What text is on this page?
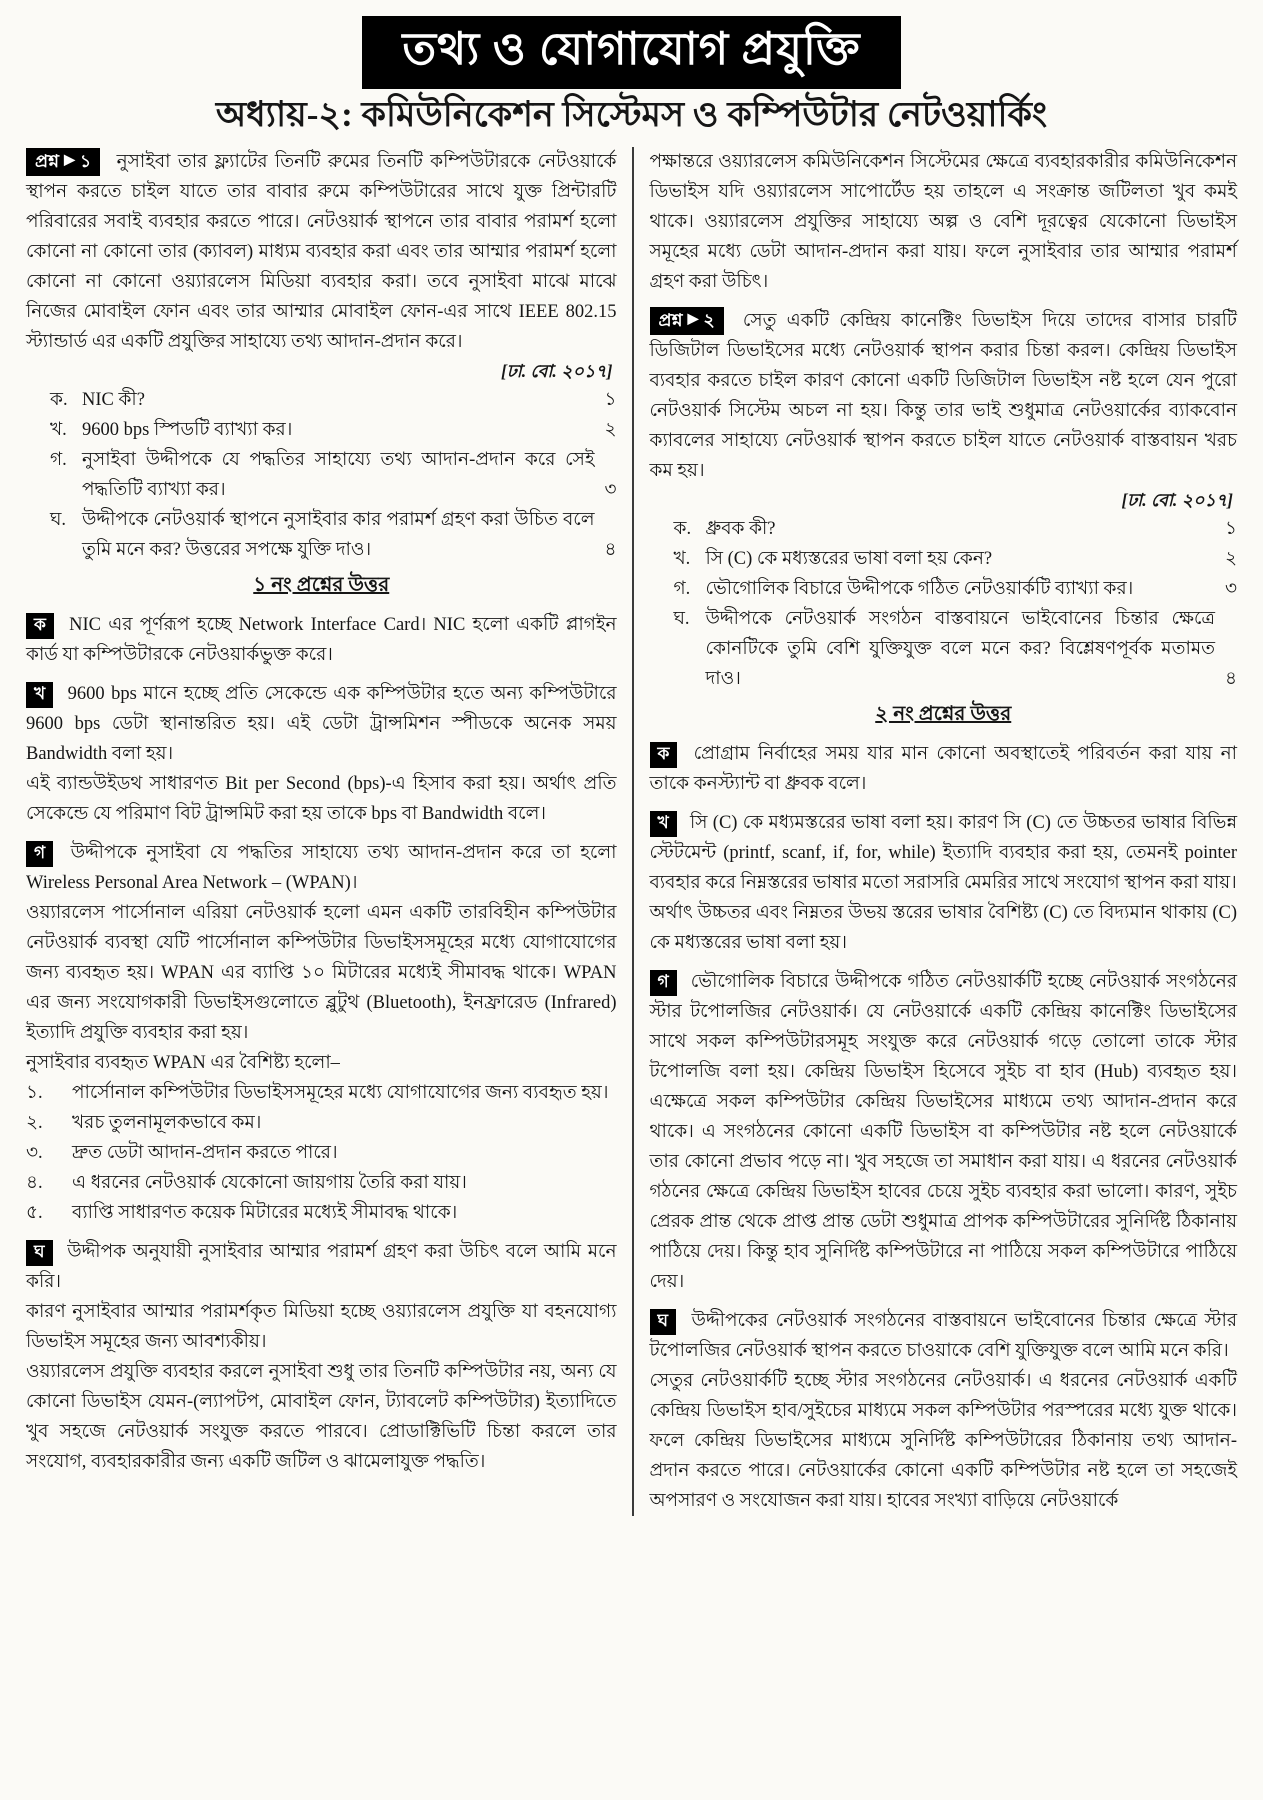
তথ্য ও যোগাযোগ প্রযুক্তি
অধ্যায়-২: কমিউনিকেশন সিস্টেমস ও কম্পিউটার নেটওয়ার্কিং

প্রশ্ন ▶ ১ নুসাইবা তার ফ্ল্যাটের তিনটি রুমের তিনটি কম্পিউটারকে নেটওয়ার্কে স্থাপন করতে চাইল যাতে তার বাবার রুমে কম্পিউটারের সাথে যুক্ত প্রিন্টারটি পরিবারের সবাই ব্যবহার করতে পারে। নেটওয়ার্ক স্থাপনে তার বাবার পরামর্শ হলো কোনো না কোনো তার (ক্যাবল) মাধ্যম ব্যবহার করা এবং তার আম্মার পরামর্শ হলো কোনো না কোনো ওয়্যারলেস মিডিয়া ব্যবহার করা। তবে নুসাইবা মাঝে মাঝে নিজের মোবাইল ফোন এবং তার আম্মার মোবাইল ফোন-এর সাথে IEEE 802.15 স্ট্যান্ডার্ড এর একটি প্রযুক্তির সাহায্যে তথ্য আদান-প্রদান করে।

[ঢা. বো. ২০১৭]
ক. NIC কী?	১
খ. 9600 bps স্পিডটি ব্যাখ্যা কর।	২
গ. নুসাইবা উদ্দীপকে যে পদ্ধতির সাহায্যে তথ্য আদান-প্রদান করে সেই পদ্ধতিটি ব্যাখ্যা কর।	৩
ঘ. উদ্দীপকে নেটওয়ার্ক স্থাপনে নুসাইবার কার পরামর্শ গ্রহণ করা উচিত বলে তুমি মনে কর? উত্তরের সপক্ষে যুক্তি দাও।	৪
১ নং প্রশ্নের উত্তর

ক NIC এর পূর্ণরূপ হচ্ছে Network Interface Card। NIC হলো একটি প্লাগইন কার্ড যা কম্পিউটারকে নেটওয়ার্কভুক্ত করে।

খ 9600 bps মানে হচ্ছে প্রতি সেকেন্ডে এক কম্পিউটার হতে অন্য কম্পিউটারে 9600 bps ডেটা স্থানান্তরিত হয়। এই ডেটা ট্রান্সমিশন স্পীডকে অনেক সময় Bandwidth বলা হয়।

এই ব্যান্ডউইডথ সাধারণত Bit per Second (bps)-এ হিসাব করা হয়। অর্থাৎ প্রতি সেকেন্ডে যে পরিমাণ বিট ট্রান্সমিট করা হয় তাকে bps বা Bandwidth বলে।

গ উদ্দীপকে নুসাইবা যে পদ্ধতির সাহায্যে তথ্য আদান-প্রদান করে তা হলো Wireless Personal Area Network – (WPAN)।

ওয়্যারলেস পার্সোনাল এরিয়া নেটওয়ার্ক হলো এমন একটি তারবিহীন কম্পিউটার নেটওয়ার্ক ব্যবস্থা যেটি পার্সোনাল কম্পিউটার ডিভাইসসমূহের মধ্যে যোগাযোগের জন্য ব্যবহৃত হয়। WPAN এর ব্যাপ্তি ১০ মিটারের মধ্যেই সীমাবদ্ধ থাকে। WPAN এর জন্য সংযোগকারী ডিভাইসগুলোতে ব্লুটুথ (Bluetooth), ইনফ্রারেড (Infrared) ইত্যাদি প্রযুক্তি ব্যবহার করা হয়।

নুসাইবার ব্যবহৃত WPAN এর বৈশিষ্ট্য হলো–

১.	পার্সোনাল কম্পিউটার ডিভাইসসমূহের মধ্যে যোগাযোগের জন্য ব্যবহৃত হয়।
২.	খরচ তুলনামূলকভাবে কম।
৩.	দ্রুত ডেটা আদান-প্রদান করতে পারে।
৪.	এ ধরনের নেটওয়ার্ক যেকোনো জায়গায় তৈরি করা যায়।
৫.	ব্যাপ্তি সাধারণত কয়েক মিটারের মধ্যেই সীমাবদ্ধ থাকে।

ঘ উদ্দীপক অনুযায়ী নুসাইবার আম্মার পরামর্শ গ্রহণ করা উচিৎ বলে আমি মনে করি।

কারণ নুসাইবার আম্মার পরামর্শকৃত মিডিয়া হচ্ছে ওয়্যারলেস প্রযুক্তি যা বহনযোগ্য ডিভাইস সমূহের জন্য আবশ্যকীয়।

ওয়্যারলেস প্রযুক্তি ব্যবহার করলে নুসাইবা শুধু তার তিনটি কম্পিউটার নয়, অন্য যে কোনো ডিভাইস যেমন-(ল্যাপটপ, মোবাইল ফোন, ট্যাবলেট কম্পিউটার) ইত্যাদিতে খুব সহজে নেটওয়ার্ক সংযুক্ত করতে পারবে। প্রোডাক্টিভিটি চিন্তা করলে তার সংযোগ, ব্যবহারকারীর জন্য একটি জটিল ও ঝামেলাযুক্ত পদ্ধতি।

পক্ষান্তরে ওয়্যারলেস কমিউনিকেশন সিস্টেমের ক্ষেত্রে ব্যবহারকারীর কমিউনিকেশন ডিভাইস যদি ওয়্যারলেস সাপোর্টেড হয় তাহলে এ সংক্রান্ত জটিলতা খুব কমই থাকে। ওয়্যারলেস প্রযুক্তির সাহায্যে অল্প ও বেশি দূরত্বের যেকোনো ডিভাইস সমূহের মধ্যে ডেটা আদান-প্রদান করা যায়। ফলে নুসাইবার তার আম্মার পরামর্শ গ্রহণ করা উচিৎ।

প্রশ্ন ▶ ২ সেতু একটি কেন্দ্রিয় কানেক্টিং ডিভাইস দিয়ে তাদের বাসার চারটি ডিজিটাল ডিভাইসের মধ্যে নেটওয়ার্ক স্থাপন করার চিন্তা করল। কেন্দ্রিয় ডিভাইস ব্যবহার করতে চাইল কারণ কোনো একটি ডিজিটাল ডিভাইস নষ্ট হলে যেন পুরো নেটওয়ার্ক সিস্টেম অচল না হয়। কিন্তু তার ভাই শুধুমাত্র নেটওয়ার্কের ব্যাকবোন ক্যাবলের সাহায্যে নেটওয়ার্ক স্থাপন করতে চাইল যাতে নেটওয়ার্ক বাস্তবায়ন খরচ কম হয়।

[ঢা. বো. ২০১৭]
ক. ধ্রুবক কী?	১
খ. সি (C) কে মধ্যস্তরের ভাষা বলা হয় কেন?	২
গ. ভৌগোলিক বিচারে উদ্দীপকে গঠিত নেটওয়ার্কটি ব্যাখ্যা কর।	৩
ঘ. উদ্দীপকে নেটওয়ার্ক সংগঠন বাস্তবায়নে ভাইবোনের চিন্তার ক্ষেত্রে কোনটিকে তুমি বেশি যুক্তিযুক্ত বলে মনে কর? বিশ্লেষণপূর্বক মতামত দাও।	৪
২ নং প্রশ্নের উত্তর

ক প্রোগ্রাম নির্বাহের সময় যার মান কোনো অবস্থাতেই পরিবর্তন করা যায় না তাকে কনস্ট্যান্ট বা ধ্রুবক বলে।

খ সি (C) কে মধ্যমস্তরের ভাষা বলা হয়। কারণ সি (C) তে উচ্চতর ভাষার বিভিন্ন স্টেটমেন্ট (printf, scanf, if, for, while) ইত্যাদি ব্যবহার করা হয়, তেমনই pointer ব্যবহার করে নিম্নস্তরের ভাষার মতো সরাসরি মেমরির সাথে সংযোগ স্থাপন করা যায়।

অর্থাৎ উচ্চতর এবং নিম্নতর উভয় স্তরের ভাষার বৈশিষ্ট্য (C) তে বিদ্যমান থাকায় (C) কে মধ্যস্তরের ভাষা বলা হয়।

গ ভৌগোলিক বিচারে উদ্দীপকে গঠিত নেটওয়ার্কটি হচ্ছে নেটওয়ার্ক সংগঠনের স্টার টপোলজির নেটওয়ার্ক। যে নেটওয়ার্কে একটি কেন্দ্রিয় কানেক্টিং ডিভাইসের সাথে সকল কম্পিউটারসমূহ সংযুক্ত করে নেটওয়ার্ক গড়ে তোলো তাকে স্টার টপোলজি বলা হয়। কেন্দ্রিয় ডিভাইস হিসেবে সুইচ বা হাব (Hub) ব্যবহৃত হয়। এক্ষেত্রে সকল কম্পিউটার কেন্দ্রিয় ডিভাইসের মাধ্যমে তথ্য আদান-প্রদান করে থাকে। এ সংগঠনের কোনো একটি ডিভাইস বা কম্পিউটার নষ্ট হলে নেটওয়ার্কে তার কোনো প্রভাব পড়ে না। খুব সহজে তা সমাধান করা যায়। এ ধরনের নেটওয়ার্ক গঠনের ক্ষেত্রে কেন্দ্রিয় ডিভাইস হাবের চেয়ে সুইচ ব্যবহার করা ভালো। কারণ, সুইচ প্রেরক প্রান্ত থেকে প্রাপ্ত প্রান্ত ডেটা শুধুমাত্র প্রাপক কম্পিউটারের সুনির্দিষ্ট ঠিকানায় পাঠিয়ে দেয়। কিন্তু হাব সুনির্দিষ্ট কম্পিউটারে না পাঠিয়ে সকল কম্পিউটারে পাঠিয়ে দেয়।

ঘ উদ্দীপকের নেটওয়ার্ক সংগঠনের বাস্তবায়নে ভাইবোনের চিন্তার ক্ষেত্রে স্টার টপোলজির নেটওয়ার্ক স্থাপন করতে চাওয়াকে বেশি যুক্তিযুক্ত বলে আমি মনে করি।

সেতুর নেটওয়ার্কটি হচ্ছে স্টার সংগঠনের নেটওয়ার্ক। এ ধরনের নেটওয়ার্ক একটি কেন্দ্রিয় ডিভাইস হাব/সুইচের মাধ্যমে সকল কম্পিউটার পরস্পরের মধ্যে যুক্ত থাকে। ফলে কেন্দ্রিয় ডিভাইসের মাধ্যমে সুনির্দিষ্ট কম্পিউটারের ঠিকানায় তথ্য আদান-প্রদান করতে পারে। নেটওয়ার্কের কোনো একটি কম্পিউটার নষ্ট হলে তা সহজেই অপসারণ ও সংযোজন করা যায়। হাবের সংখ্যা বাড়িয়ে নেটওয়ার্কে
